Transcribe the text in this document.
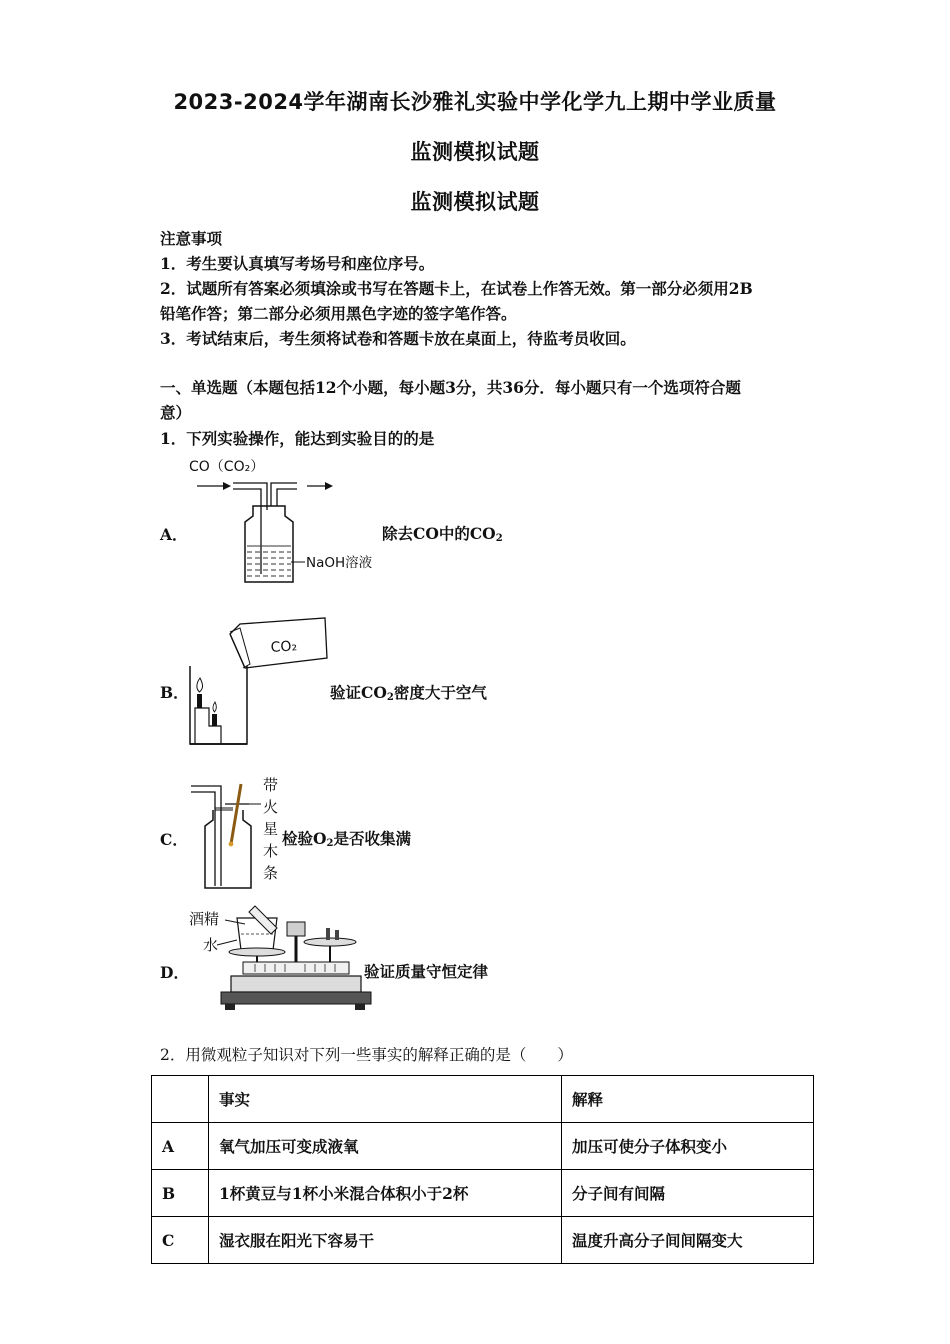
2023-2024学年湖南长沙雅礼实验中学化学九上期中学业质量
监测模拟试题
监测模拟试题
注意事项
1．考生要认真填写考场号和座位序号。
2．试题所有答案必须填涂或书写在答题卡上，在试卷上作答无效。第一部分必须用2B
铅笔作答；第二部分必须用黑色字迹的签字笔作答。
3．考试结束后，考生须将试卷和答题卡放在桌面上，待监考员收回。
一、单选题（本题包括12个小题，每小题3分，共36分．每小题只有一个选项符合题
意）
1．下列实验操作，能达到实验目的的是
CO（CO₂）
NaOH溶液
A．	除去CO中的$CO_2$
CO₂
B．	验证$CO_2$密度大于空气
带
火
星
木
条
C．	检验$O_2$是否收集满
酒精
水
D．	验证质量守恒定律
2．用微观粒子知识对下列一些事实的解释正确的是（　　）
	事实	解释
A	氧气加压可变成液氧	加压可使分子体积变小
B	1杯黄豆与1杯小米混合体积小于2杯	分子间有间隔
C	湿衣服在阳光下容易干	温度升高分子间间隔变大
